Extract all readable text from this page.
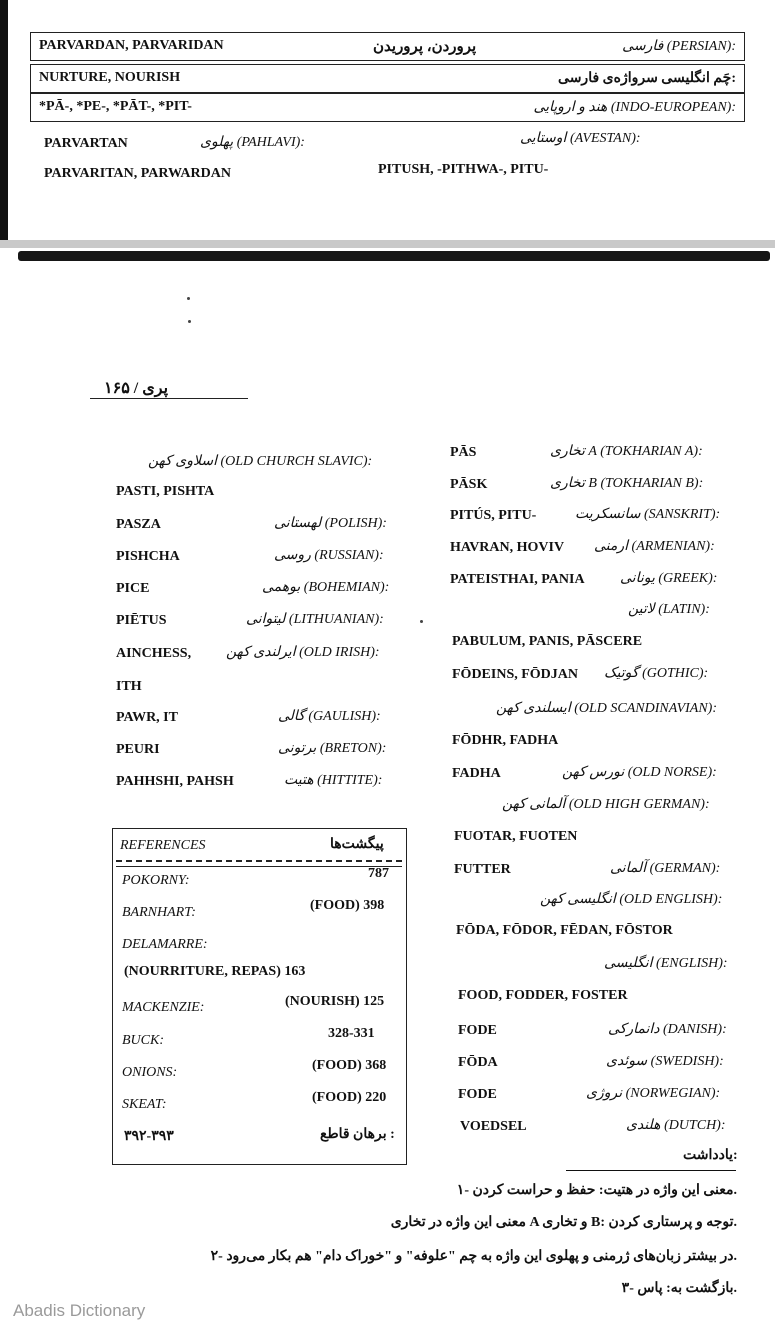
PARVARDAN, PARVARIDAN	پروردن، پروریدن	فارسی (PERSIAN):
NURTURE, NOURISH	چَم انگلیسی سرواژه‌ی فارسی:
*PĀ-, *PE-, *PĀT-, *PIT-	هند و اروپایی (INDO-EUROPEAN):
PARVARTAN	پهلوی (PAHLAVI):	اوستایی (AVESTAN):
PARVARITAN, PARWARDAN	PITUSH, -PITHWA-, PITU-
پری / ۱۶۵
اسلاوی کهن (OLD CHURCH SLAVIC):
PASTI, PISHTA
PASZA	لهستانی (POLISH):
PISHCHA	روسی (RUSSIAN):
PICE	بوهمی (BOHEMIAN):
PIĒTUS	لیتوانی (LITHUANIAN):
AINCHESS, ایرلندی کهن (OLD IRISH):
ITH
PAWR, IT	گالی (GAULISH):
PEURI	برتونی (BRETON):
PAHHSHI, PAHSH	هتیت (HITTITE):
REFERENCES	پیگشت‌ها
POKORNY:	787
BARNHART:	(FOOD) 398
DELAMARRE:
(NOURRITURE, REPAS) 163
MACKENZIE:	(NOURISH) 125
BUCK:	328-331
ONIONS:	(FOOD) 368
SKEAT:	(FOOD) 220
۳۹۲-۳۹۳	برهان قاطع :
PĀS	تخاری A (TOKHARIAN A):
PĀSK	تخاری B (TOKHARIAN B):
PITÚS, PITU-	سانسکریت (SANSKRIT):
HAVRAN, HOVIV ارمنی (ARMENIAN):
PATEISTHAI, PANIA	یونانی (GREEK):
لاتین (LATIN):
PABULUM, PANIS, PĀSCERE
FŌDEINS, FŌDJAN گوتیک (GOTHIC):
ایسلندی کهن (OLD SCANDINAVIAN):
FŌDHR, FADHA
FADHA	نورس کهن (OLD NORSE):
آلمانی کهن (OLD HIGH GERMAN):
FUOTAR, FUOTEN
FUTTER	آلمانی (GERMAN):
انگلیسی کهن (OLD ENGLISH):
FŌDA, FŌDOR, FĒDAN, FŌSTOR
انگلیسی (ENGLISH):
FOOD, FODDER, FOSTER
FODE	دانمارکی (DANISH):
FŌDA	سوئدی (SWEDISH):
FODE	نروژی (NORWEGIAN):
VOEDSEL	هلندی (DUTCH):
یادداشت:
۱- معنی این واژه در هتیت: حفظ و حراست کردن.
معنی این واژه در تخاری A و تخاری B: توجه و پرستاری کردن.
۲- در بیشتر زبان‌های ژرمنی و پهلوی این واژه به چم "علوفه" و "خوراک دام" هم بکار می‌رود.
۳- بازگشت به: پاس.
Abadis Dictionary
